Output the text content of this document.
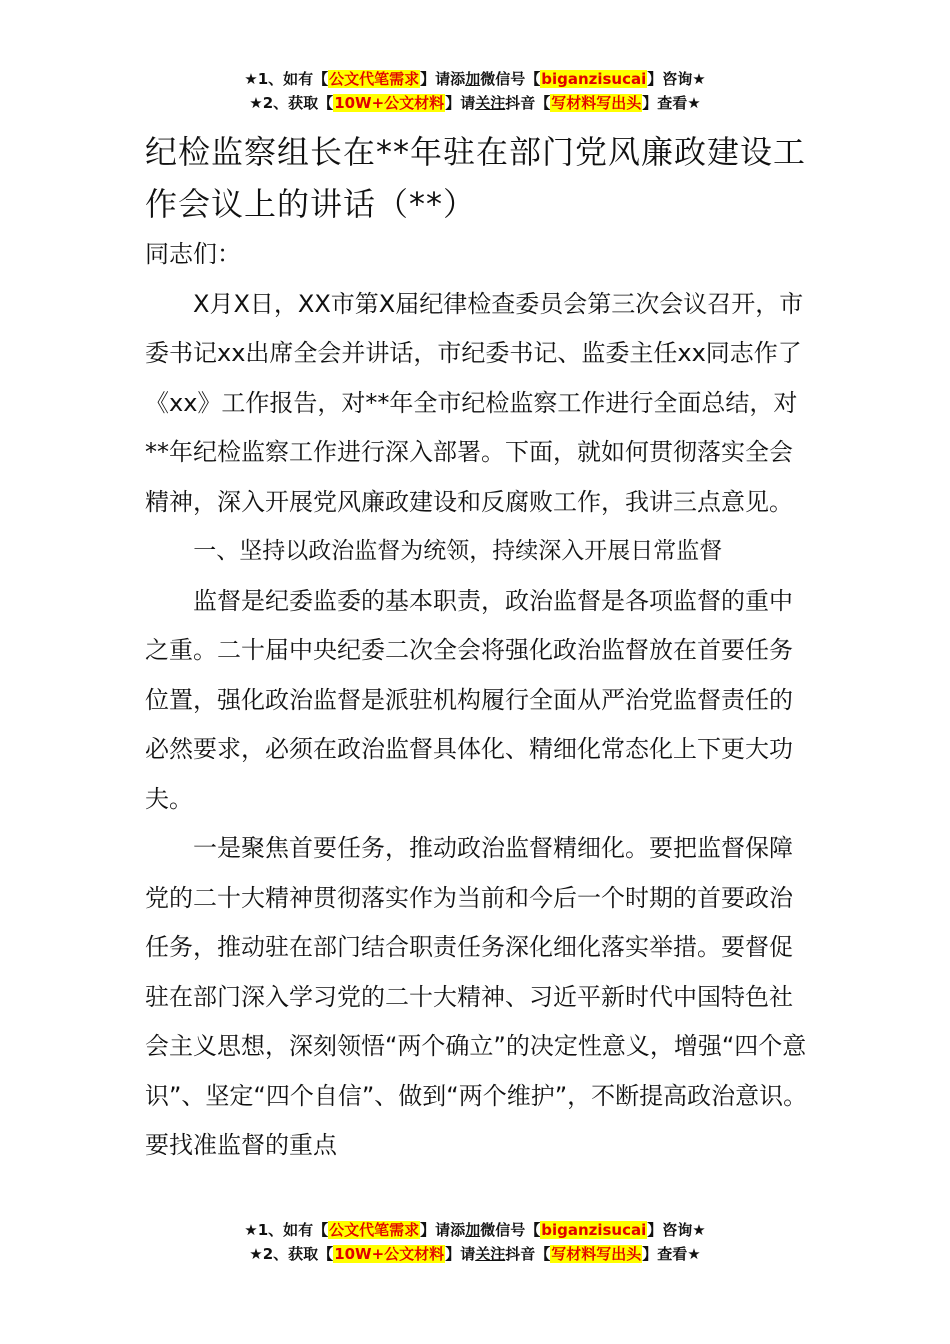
★1、如有【公文代笔需求】请添加微信号【biganzisucai】咨询★
★2、获取【10W+公文材料】请关注抖音【写材料写出头】查看★
纪检监察组长在**年驻在部门党风廉政建设工作会议上的讲话（**）

同志们：

X月X日，XX市第X届纪律检查委员会第三次会议召开，市委书记xx出席全会并讲话，市纪委书记、监委主任xx同志作了《xx》工作报告，对**年全市纪检监察工作进行全面总结，对**年纪检监察工作进行深入部署。下面，就如何贯彻落实全会精神，深入开展党风廉政建设和反腐败工作，我讲三点意见。

一、坚持以政治监督为统领，持续深入开展日常监督

监督是纪委监委的基本职责，政治监督是各项监督的重中之重。二十届中央纪委二次全会将强化政治监督放在首要任务位置，强化政治监督是派驻机构履行全面从严治党监督责任的必然要求，必须在政治监督具体化、精细化常态化上下更大功夫。

一是聚焦首要任务，推动政治监督精细化。要把监督保障党的二十大精神贯彻落实作为当前和今后一个时期的首要政治任务，推动驻在部门结合职责任务深化细化落实举措。要督促驻在部门深入学习党的二十大精神、习近平新时代中国特色社会主义思想，深刻领悟“两个确立”的决定性意义，增强“四个意识”、坚定“四个自信”、做到“两个维护”，不断提高政治意识。要找准监督的重点

★1、如有【公文代笔需求】请添加微信号【biganzisucai】咨询★
★2、获取【10W+公文材料】请关注抖音【写材料写出头】查看★
